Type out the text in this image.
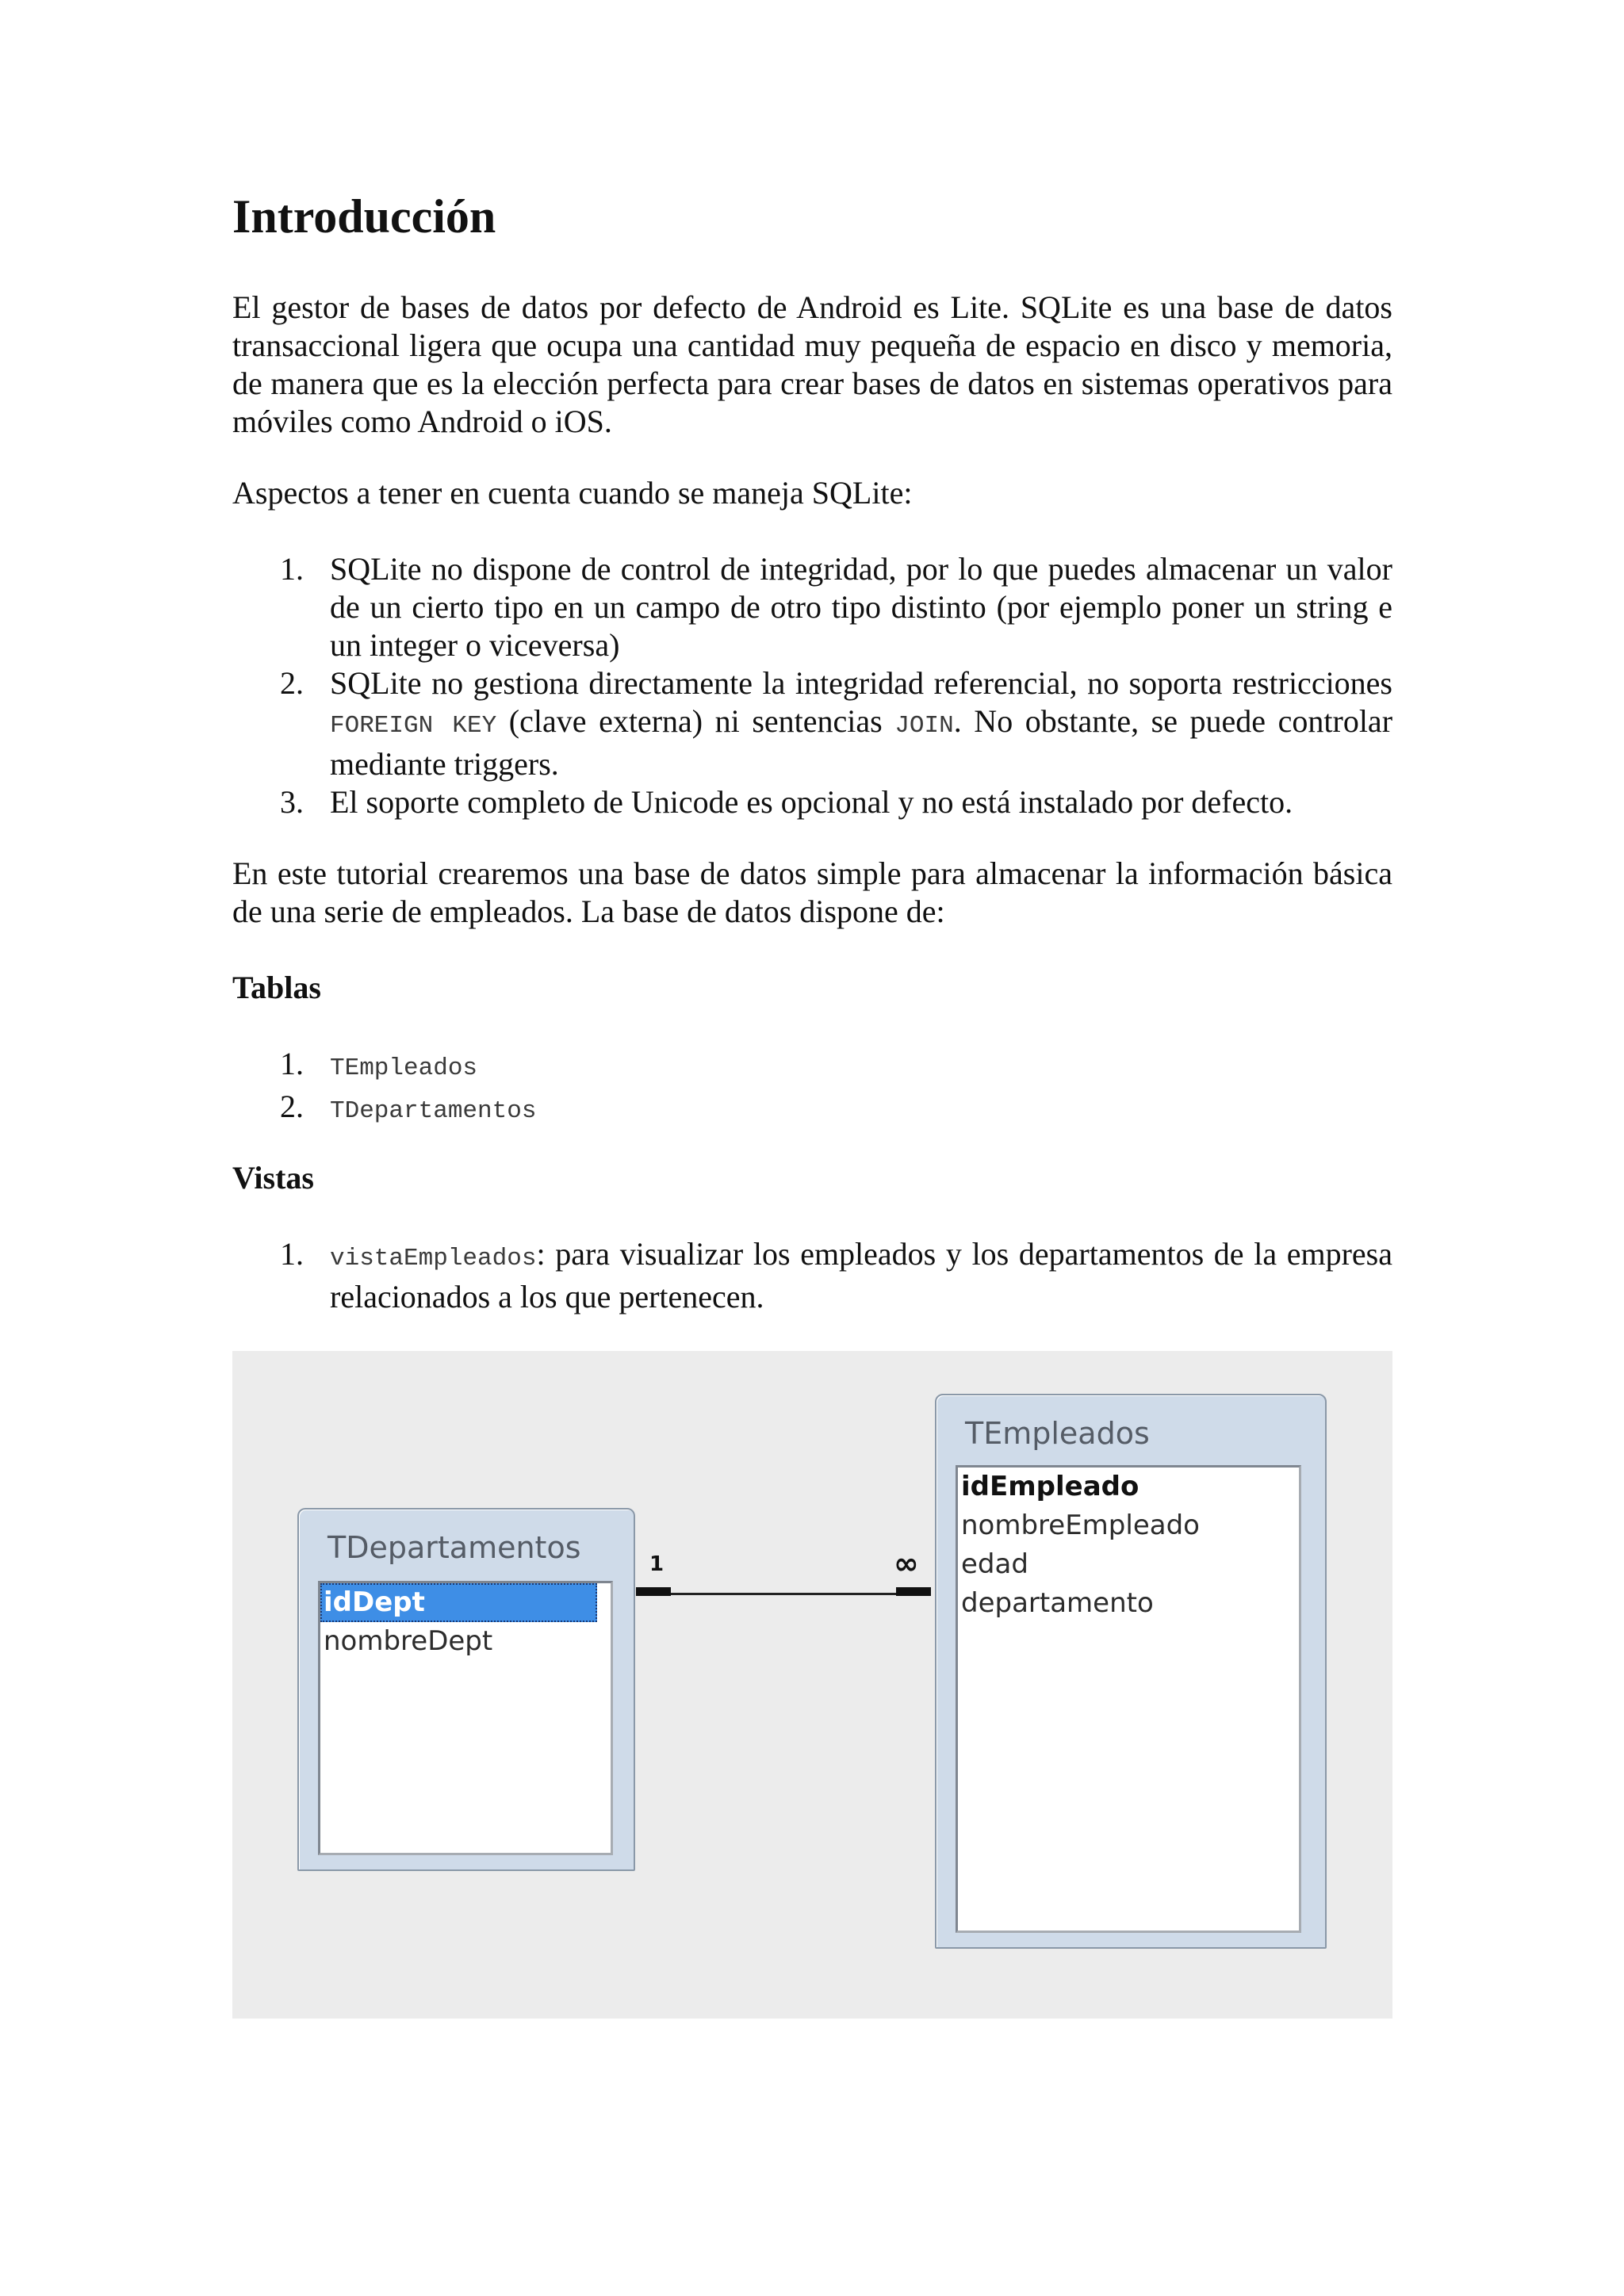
Introducción

El gestor de bases de datos por defecto de Android es Lite. SQLite es una base de datos transaccional ligera que ocupa una cantidad muy pequeña de espacio en disco y memoria, de manera que es la elección perfecta para crear bases de datos en sistemas operativos para móviles como Android o iOS.

Aspectos a tener en cuenta cuando se maneja SQLite:

1. SQLite no dispone de control de integridad, por lo que puedes almacenar un valor de un cierto tipo en un campo de otro tipo distinto (por ejemplo poner un string e un integer o viceversa)
2. SQLite no gestiona directamente la integridad referencial, no soporta restricciones FOREIGN KEY (clave externa) ni sentencias JOIN. No obstante, se puede controlar mediante triggers.
3. El soporte completo de Unicode es opcional y no está instalado por defecto.

En este tutorial crearemos una base de datos simple para almacenar la información básica de una serie de empleados. La base de datos dispone de:

Tablas
1. TEmpleados
2. TDepartamentos
Vistas
1. vistaEmpleados: para visualizar los empleados y los departamentos de la empresa relacionados a los que pertenecen.
TDepartamentos
idDept
nombreDept
1	∞
TEmpleados
idEmpleado
nombreEmpleado
edad
departamento
